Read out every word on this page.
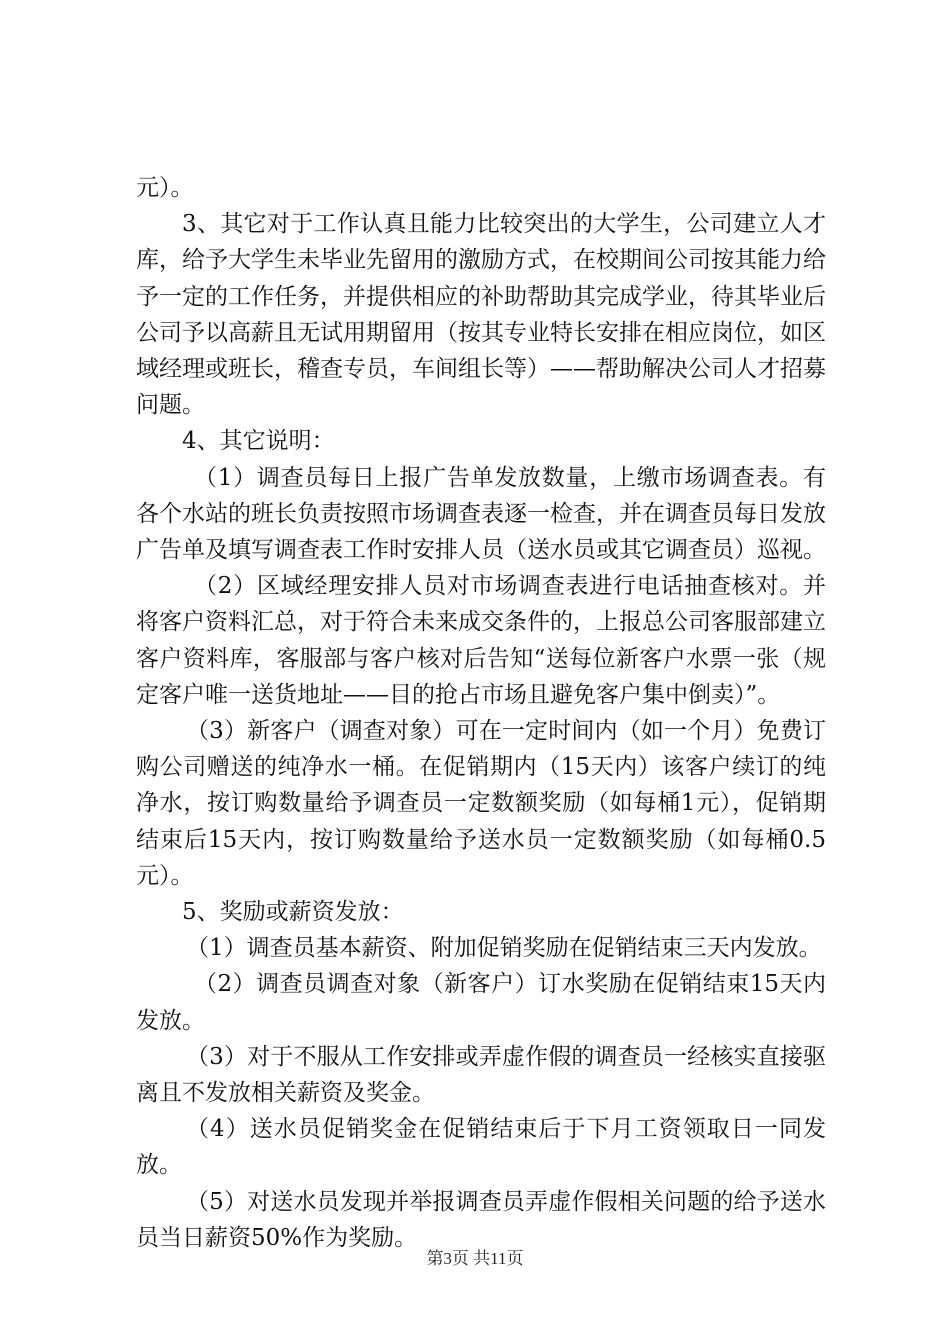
元）。

3、其它对于工作认真且能力比较突出的大学生，公司建立人才库，给予大学生未毕业先留用的激励方式，在校期间公司按其能力给予一定的工作任务，并提供相应的补助帮助其完成学业，待其毕业后公司予以高薪且无试用期留用（按其专业特长安排在相应岗位，如区域经理或班长，稽查专员，车间组长等）——帮助解决公司人才招募问题。

4、其它说明：

（1）调查员每日上报广告单发放数量，上缴市场调查表。有各个水站的班长负责按照市场调查表逐一检查，并在调查员每日发放广告单及填写调查表工作时安排人员（送水员或其它调查员）巡视。

（2）区域经理安排人员对市场调查表进行电话抽查核对。并将客户资料汇总，对于符合未来成交条件的，上报总公司客服部建立客户资料库，客服部与客户核对后告知“送每位新客户水票一张（规定客户唯一送货地址——目的抢占市场且避免客户集中倒卖）”。

（3）新客户（调查对象）可在一定时间内（如一个月）免费订购公司赠送的纯净水一桶。在促销期内（15天内）该客户续订的纯净水，按订购数量给予调查员一定数额奖励（如每桶1元），促销期结束后15天内，按订购数量给予送水员一定数额奖励（如每桶0.5元）。

5、奖励或薪资发放：

（1）调查员基本薪资、附加促销奖励在促销结束三天内发放。

（2）调查员调查对象（新客户）订水奖励在促销结束15天内发放。

（3）对于不服从工作安排或弄虚作假的调查员一经核实直接驱离且不发放相关薪资及奖金。

（4）送水员促销奖金在促销结束后于下月工资领取日一同发放。

（5）对送水员发现并举报调查员弄虚作假相关问题的给予送水员当日薪资50%作为奖励。

第3页 共11页
